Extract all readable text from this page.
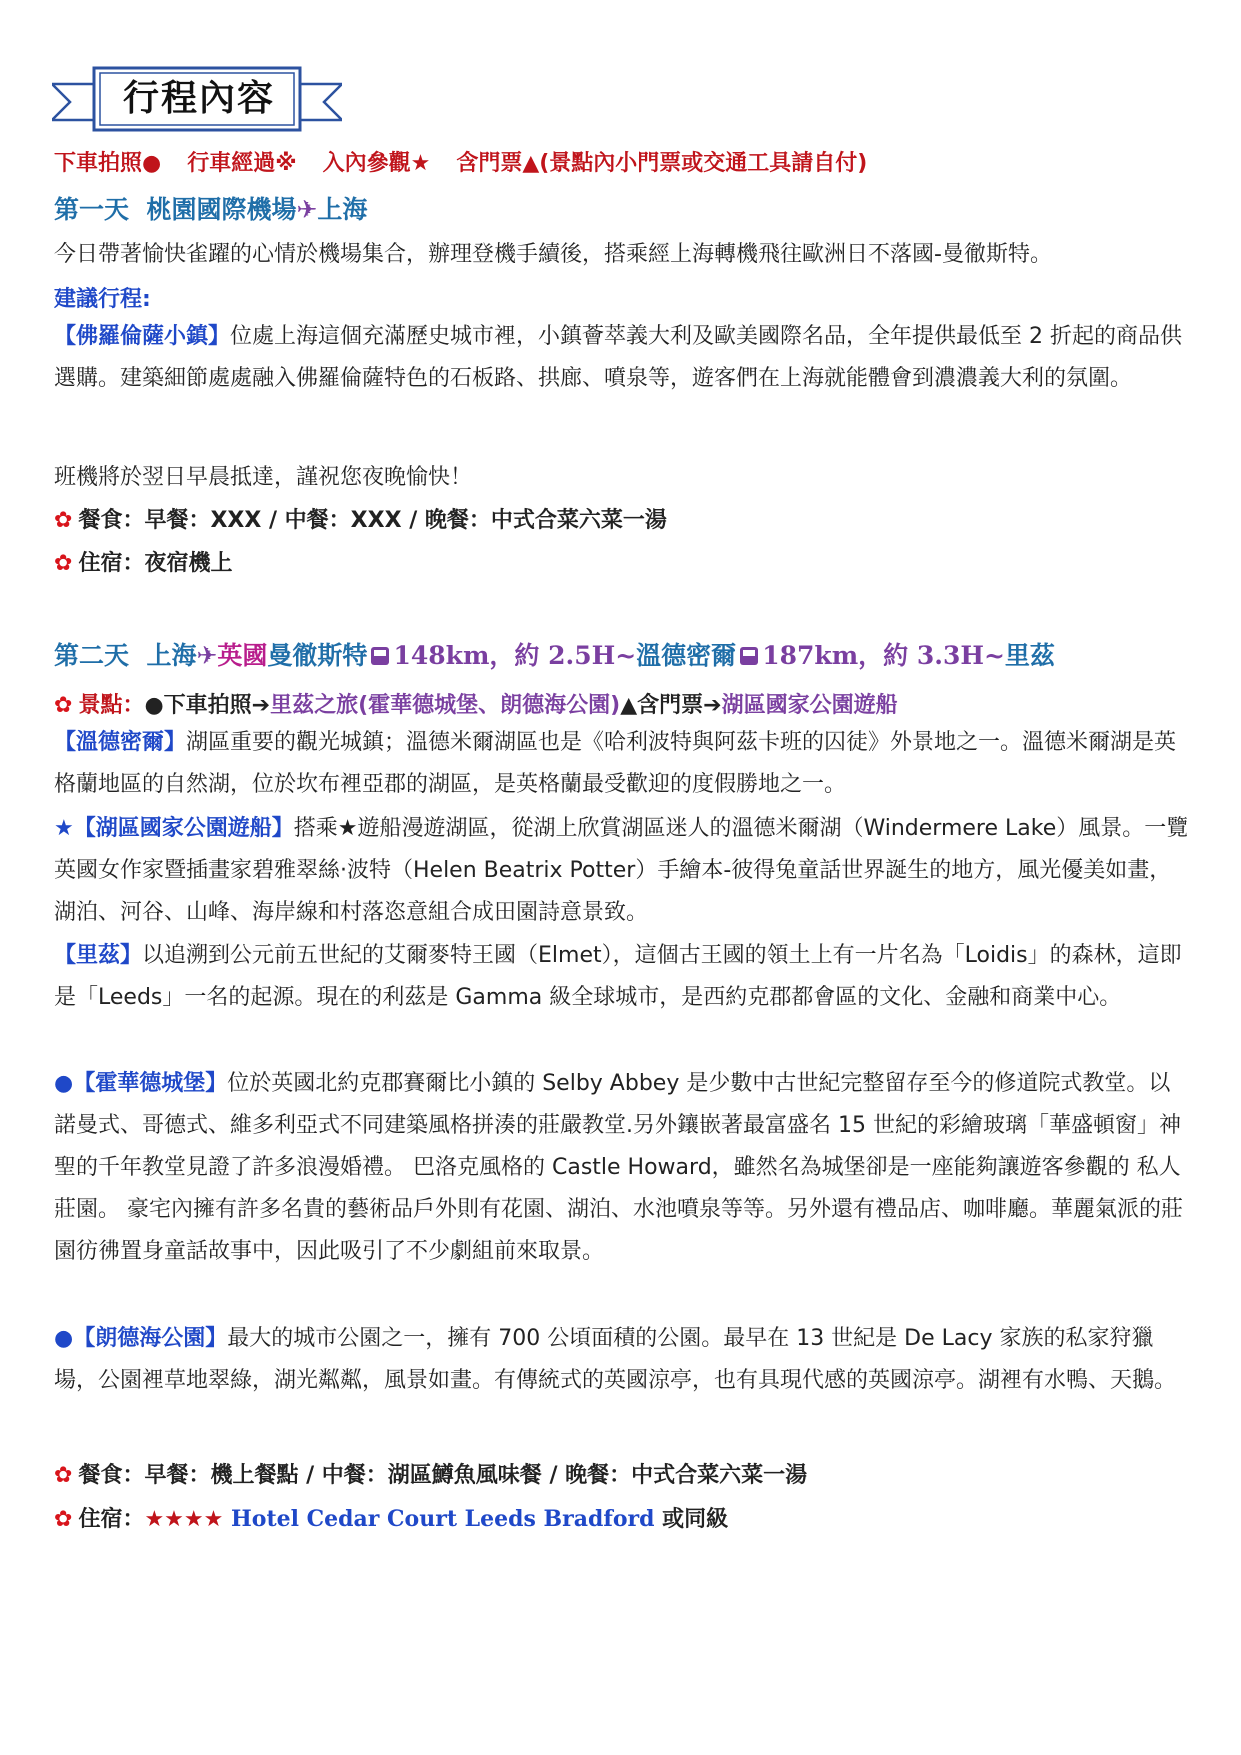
行程內容
下車拍照● 行車經過※ 入內參觀★ 含門票▲(景點內小門票或交通工具請自付)
第一天 桃園國際機場✈上海
今日帶著愉快雀躍的心情於機場集合，辦理登機手續後，搭乘經上海轉機飛往歐洲日不落國-曼徹斯特。
建議行程:
【佛羅倫薩小鎮】位處上海這個充滿歷史城市裡，小鎮薈萃義大利及歐美國際名品，全年提供最低至 2 折起的商品供選購。建築細節處處融入佛羅倫薩特色的石板路、拱廊、噴泉等，遊客們在上海就能體會到濃濃義大利的氛圍。
班機將於翌日早晨抵達，謹祝您夜晚愉快！
✿ 餐食：早餐：XXX / 中餐：XXX / 晚餐：中式合菜六菜一湯
✿ 住宿：夜宿機上
第二天 上海✈英國曼徹斯特 148km，約 2.5H~溫德密爾 187km，約 3.3H~里茲
✿ 景點：●下車拍照➔里茲之旅(霍華德城堡、朗德海公園)▲含門票➔湖區國家公園遊船
【溫德密爾】湖區重要的觀光城鎮；溫德米爾湖區也是《哈利波特與阿茲卡班的囚徒》外景地之一。溫德米爾湖是英格蘭地區的自然湖，位於坎布裡亞郡的湖區，是英格蘭最受歡迎的度假勝地之一。
★【湖區國家公園遊船】搭乘★遊船漫遊湖區，從湖上欣賞湖區迷人的溫德米爾湖（Windermere Lake）風景。一覽英國女作家暨插畫家碧雅翠絲·波特（Helen Beatrix Potter）手繪本-彼得兔童話世界誕生的地方，風光優美如畫，湖泊、河谷、山峰、海岸線和村落恣意組合成田園詩意景致。
【里茲】以追溯到公元前五世紀的艾爾麥特王國（Elmet），這個古王國的領土上有一片名為「Loidis」的森林，這即是「Leeds」一名的起源。現在的利茲是 Gamma 級全球城市，是西約克郡都會區的文化、金融和商業中心。
●【霍華德城堡】位於英國北約克郡賽爾比小鎮的 Selby Abbey 是少數中古世紀完整留存至今的修道院式教堂。以諾曼式、哥德式、維多利亞式不同建築風格拼湊的莊嚴教堂.另外鑲嵌著最富盛名 15 世紀的彩繪玻璃「華盛頓窗」神聖的千年教堂見證了許多浪漫婚禮。 巴洛克風格的 Castle Howard，雖然名為城堡卻是一座能夠讓遊客參觀的 私人莊園。 豪宅內擁有許多名貴的藝術品戶外則有花園、湖泊、水池噴泉等等。另外還有禮品店、咖啡廳。華麗氣派的莊園彷彿置身童話故事中，因此吸引了不少劇組前來取景。
●【朗德海公園】最大的城市公園之一，擁有 700 公頃面積的公園。最早在 13 世紀是 De Lacy 家族的私家狩獵場，公園裡草地翠綠，湖光粼粼，風景如畫。有傳統式的英國涼亭，也有具現代感的英國涼亭。湖裡有水鴨、天鵝。
✿ 餐食：早餐：機上餐點 / 中餐：湖區鱒魚風味餐 / 晚餐：中式合菜六菜一湯
✿ 住宿：★★★★ Hotel Cedar Court Leeds Bradford 或同級
